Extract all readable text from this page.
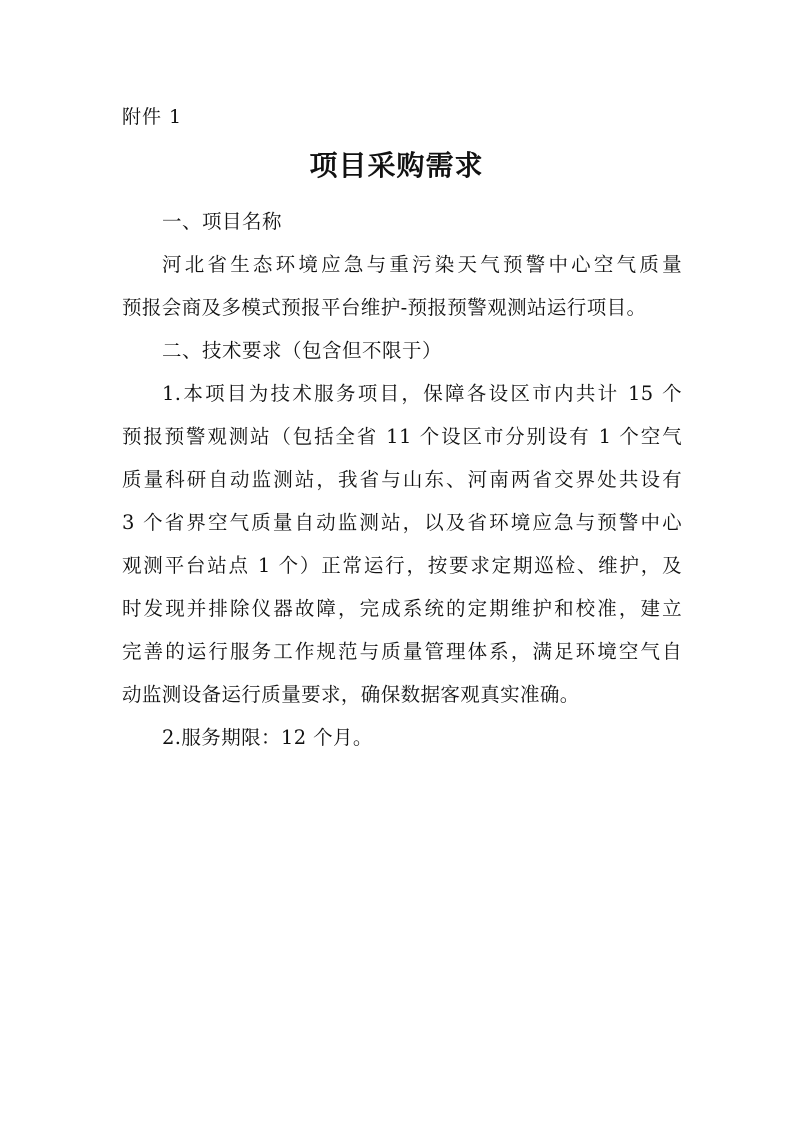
附件 1
项目采购需求

一、项目名称

河北省生态环境应急与重污染天气预警中心空气质量
预报会商及多模式预报平台维护-预报预警观测站运行项目。

二、技术要求（包含但不限于）

1.本项目为技术服务项目，保障各设区市内共计 15 个
预报预警观测站（包括全省 11 个设区市分别设有 1 个空气
质量科研自动监测站，我省与山东、河南两省交界处共设有
3 个省界空气质量自动监测站，以及省环境应急与预警中心
观测平台站点 1 个）正常运行，按要求定期巡检、维护，及
时发现并排除仪器故障，完成系统的定期维护和校准，建立
完善的运行服务工作规范与质量管理体系，满足环境空气自
动监测设备运行质量要求，确保数据客观真实准确。
2.服务期限：12 个月。
